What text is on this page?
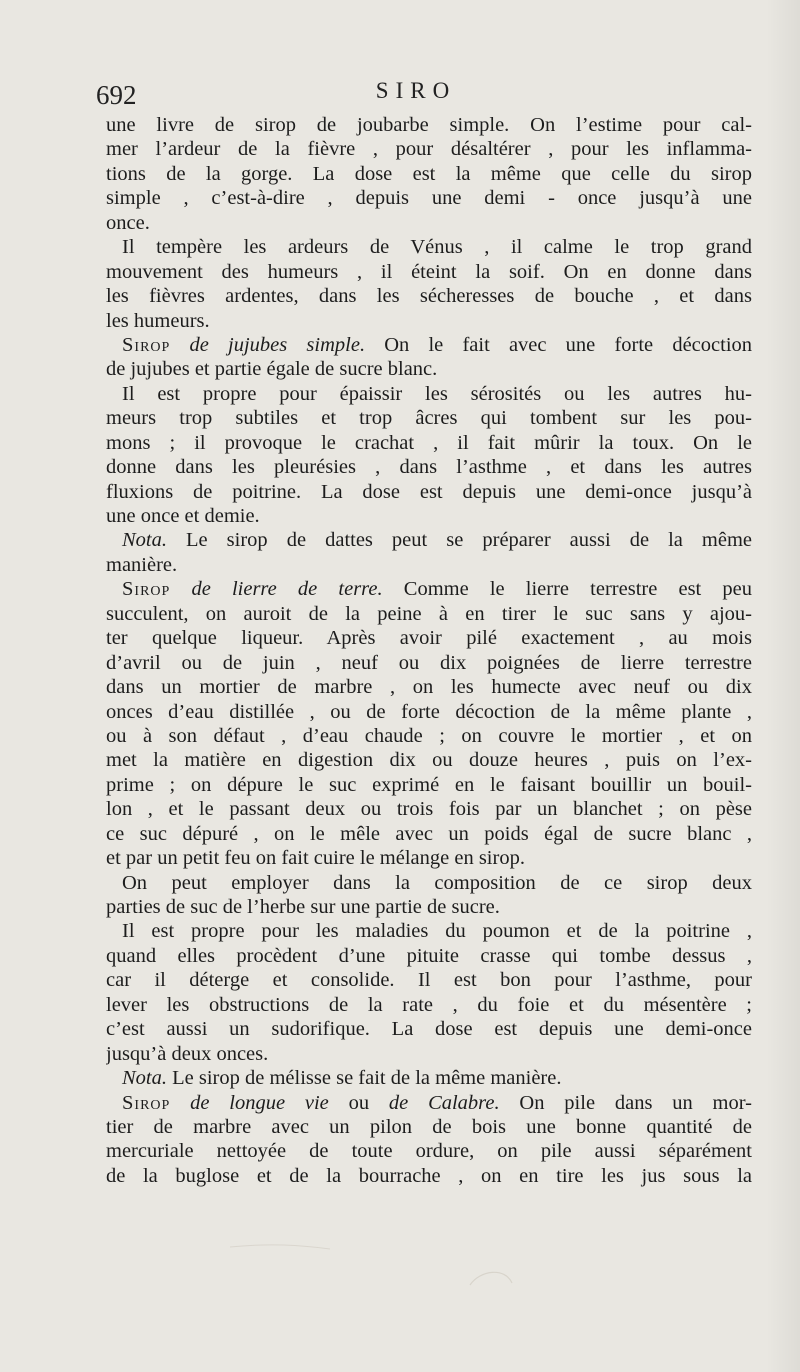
692	SIRO
une livre de sirop de joubarbe simple. On l’estime pour cal-
mer l’ardeur de la fièvre , pour désaltérer , pour les inflamma-
tions de la gorge. La dose est la même que celle du sirop
simple , c’est-à-dire , depuis une demi - once jusqu’à une
once.
Il tempère les ardeurs de Vénus , il calme le trop grand
mouvement des humeurs , il éteint la soif. On en donne dans
les fièvres ardentes, dans les sécheresses de bouche , et dans
les humeurs.
Sirop de jujubes simple. On le fait avec une forte décoction
de jujubes et partie égale de sucre blanc.
Il est propre pour épaissir les sérosités ou les autres hu-
meurs trop subtiles et trop âcres qui tombent sur les pou-
mons ; il provoque le crachat , il fait mûrir la toux. On le
donne dans les pleurésies , dans l’asthme , et dans les autres
fluxions de poitrine. La dose est depuis une demi-once jusqu’à
une once et demie.
Nota. Le sirop de dattes peut se préparer aussi de la même
manière.
Sirop de lierre de terre. Comme le lierre terrestre est peu
succulent, on auroit de la peine à en tirer le suc sans y ajou-
ter quelque liqueur. Après avoir pilé exactement , au mois
d’avril ou de juin , neuf ou dix poignées de lierre terrestre
dans un mortier de marbre , on les humecte avec neuf ou dix
onces d’eau distillée , ou de forte décoction de la même plante ,
ou à son défaut , d’eau chaude ; on couvre le mortier , et on
met la matière en digestion dix ou douze heures , puis on l’ex-
prime ; on dépure le suc exprimé en le faisant bouillir un bouil-
lon , et le passant deux ou trois fois par un blanchet ; on pèse
ce suc dépuré , on le mêle avec un poids égal de sucre blanc ,
et par un petit feu on fait cuire le mélange en sirop.
On peut employer dans la composition de ce sirop deux
parties de suc de l’herbe sur une partie de sucre.
Il est propre pour les maladies du poumon et de la poitrine ,
quand elles procèdent d’une pituite crasse qui tombe dessus ,
car il déterge et consolide. Il est bon pour l’asthme, pour
lever les obstructions de la rate , du foie et du mésentère ;
c’est aussi un sudorifique. La dose est depuis une demi-once
jusqu’à deux onces.
Nota. Le sirop de mélisse se fait de la même manière.
Sirop de longue vie ou de Calabre. On pile dans un mor-
tier de marbre avec un pilon de bois une bonne quantité de
mercuriale nettoyée de toute ordure, on pile aussi séparément
de la buglose et de la bourrache , on en tire les jus sous la
